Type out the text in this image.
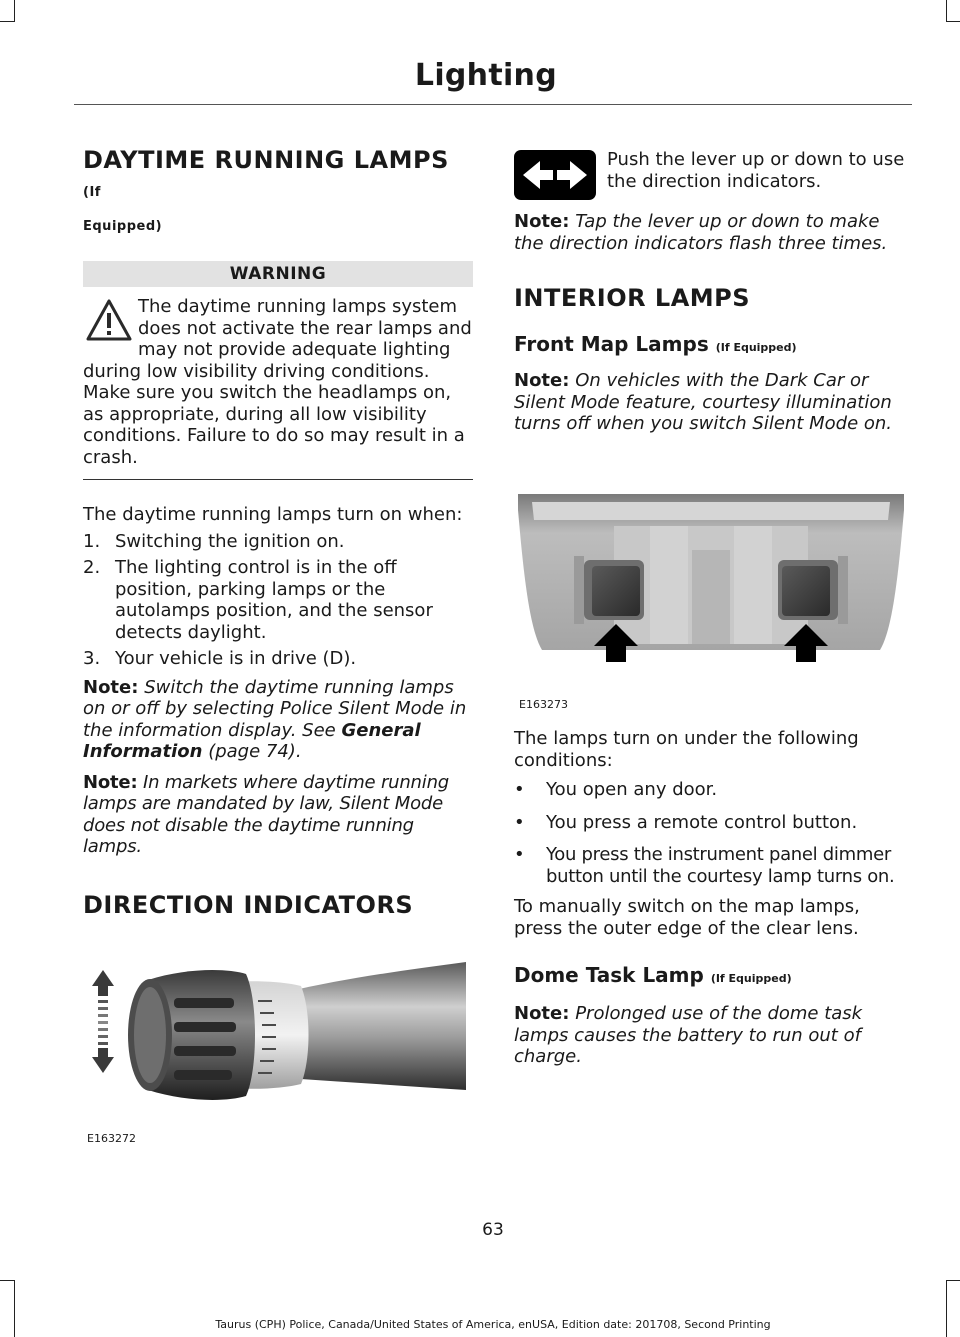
Lighting
DAYTIME RUNNING LAMPS (If
Equipped)
WARNING
The daytime running lamps system
does not activate the rear lamps and
may not provide adequate lighting

during low visibility driving conditions. Make sure you switch the headlamps on, as appropriate, during all low visibility conditions. Failure to do so may result in a crash.

The daytime running lamps turn on when:

1. Switching the ignition on.
2. The lighting control is in the off position, parking lamps or the autolamps position, and the sensor detects daylight.
3. Your vehicle is in drive (D).

Note: Switch the daytime running lamps on or off by selecting Police Silent Mode in the information display. See General Information (page 74).

Note: In markets where daytime running lamps are mandated by law, Silent Mode does not disable the daytime running lamps.

DIRECTION INDICATORS
E163272
Push the lever up or down to use the direction indicators.

Note: Tap the lever up or down to make the direction indicators flash three times.

INTERIOR LAMPS
Front Map Lamps (If Equipped)

Note: On vehicles with the Dark Car or Silent Mode feature, courtesy illumination turns off when you switch Silent Mode on.

E163273

The lamps turn on under the following conditions:

• You open any door.
• You press a remote control button.
• You press the instrument panel dimmer button until the courtesy lamp turns on.

To manually switch on the map lamps, press the outer edge of the clear lens.

Dome Task Lamp (If Equipped)

Note: Prolonged use of the dome task lamps causes the battery to run out of charge.

63
Taurus (CPH) Police, Canada/United States of America, enUSA, Edition date: 201708, Second Printing
